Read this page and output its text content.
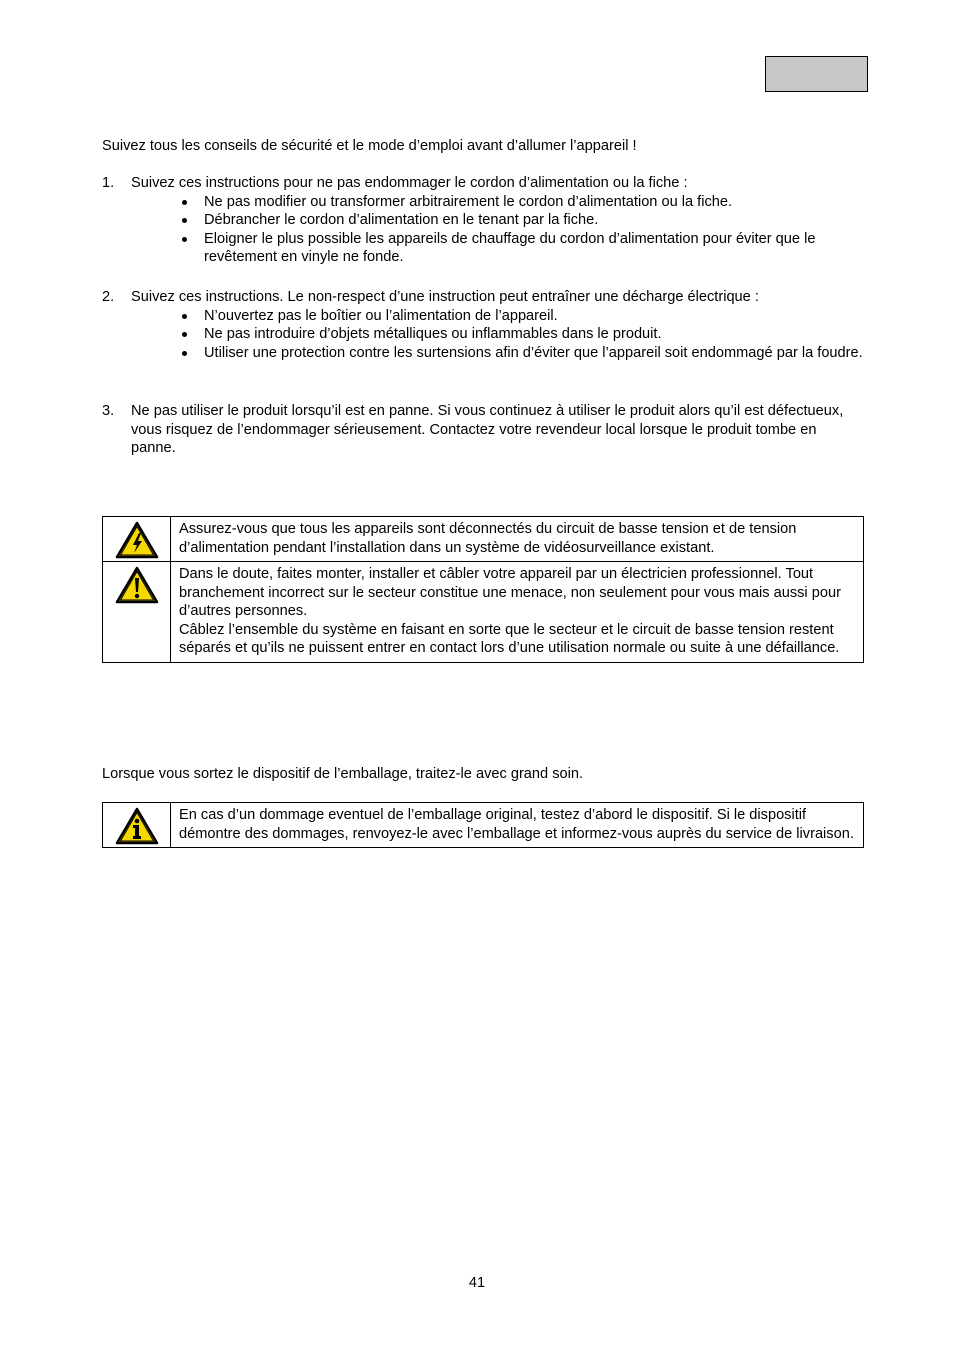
Suivez tous les conseils de sécurité et le mode d’emploi avant d’allumer l’appareil !
1.	Suivez ces instructions pour ne pas endommager le cordon d’alimentation ou la fiche :
Ne pas modifier ou transformer arbitrairement le cordon d’alimentation ou la fiche.
Débrancher le cordon d’alimentation en le tenant par la fiche.
Eloigner le plus possible les appareils de chauffage du cordon d’alimentation pour éviter que le revêtement en vinyle ne fonde.
2.	Suivez ces instructions. Le non-respect d’une instruction peut entraîner une décharge électrique :
N’ouvertez pas le boîtier ou l’alimentation de l’appareil.
Ne pas introduire d’objets métalliques ou inflammables dans le produit.
Utiliser une protection contre les surtensions afin d’éviter que l’appareil soit endommagé par la foudre.
3.	Ne pas utiliser le produit lorsqu’il est en panne. Si vous continuez à utiliser le produit alors qu’il est défectueux, vous risquez de l’endommager sérieusement. Contactez votre revendeur local lorsque le produit tombe en panne.

Assurez-vous que tous les appareils sont déconnectés du circuit de basse tension et de tension d’alimentation pendant l’installation dans un système de vidéosurveillance existant.

Dans le doute, faites monter, installer et câbler votre appareil par un électricien professionnel. Tout branchement incorrect sur le secteur constitue une menace, non seulement pour vous mais aussi pour d’autres personnes.

Câblez l’ensemble du système en faisant en sorte que le secteur et le circuit de basse tension restent séparés et qu’ils ne puissent entrer en contact lors d’une utilisation normale ou suite à une défaillance.

Lorsque vous sortez le dispositif de l’emballage, traitez-le avec grand soin.

En cas d’un dommage eventuel de l’emballage original, testez d’abord le dispositif. Si le dispositif démontre des dommages, renvoyez-le avec l’emballage et informez-vous auprès du service de livraison.

41
